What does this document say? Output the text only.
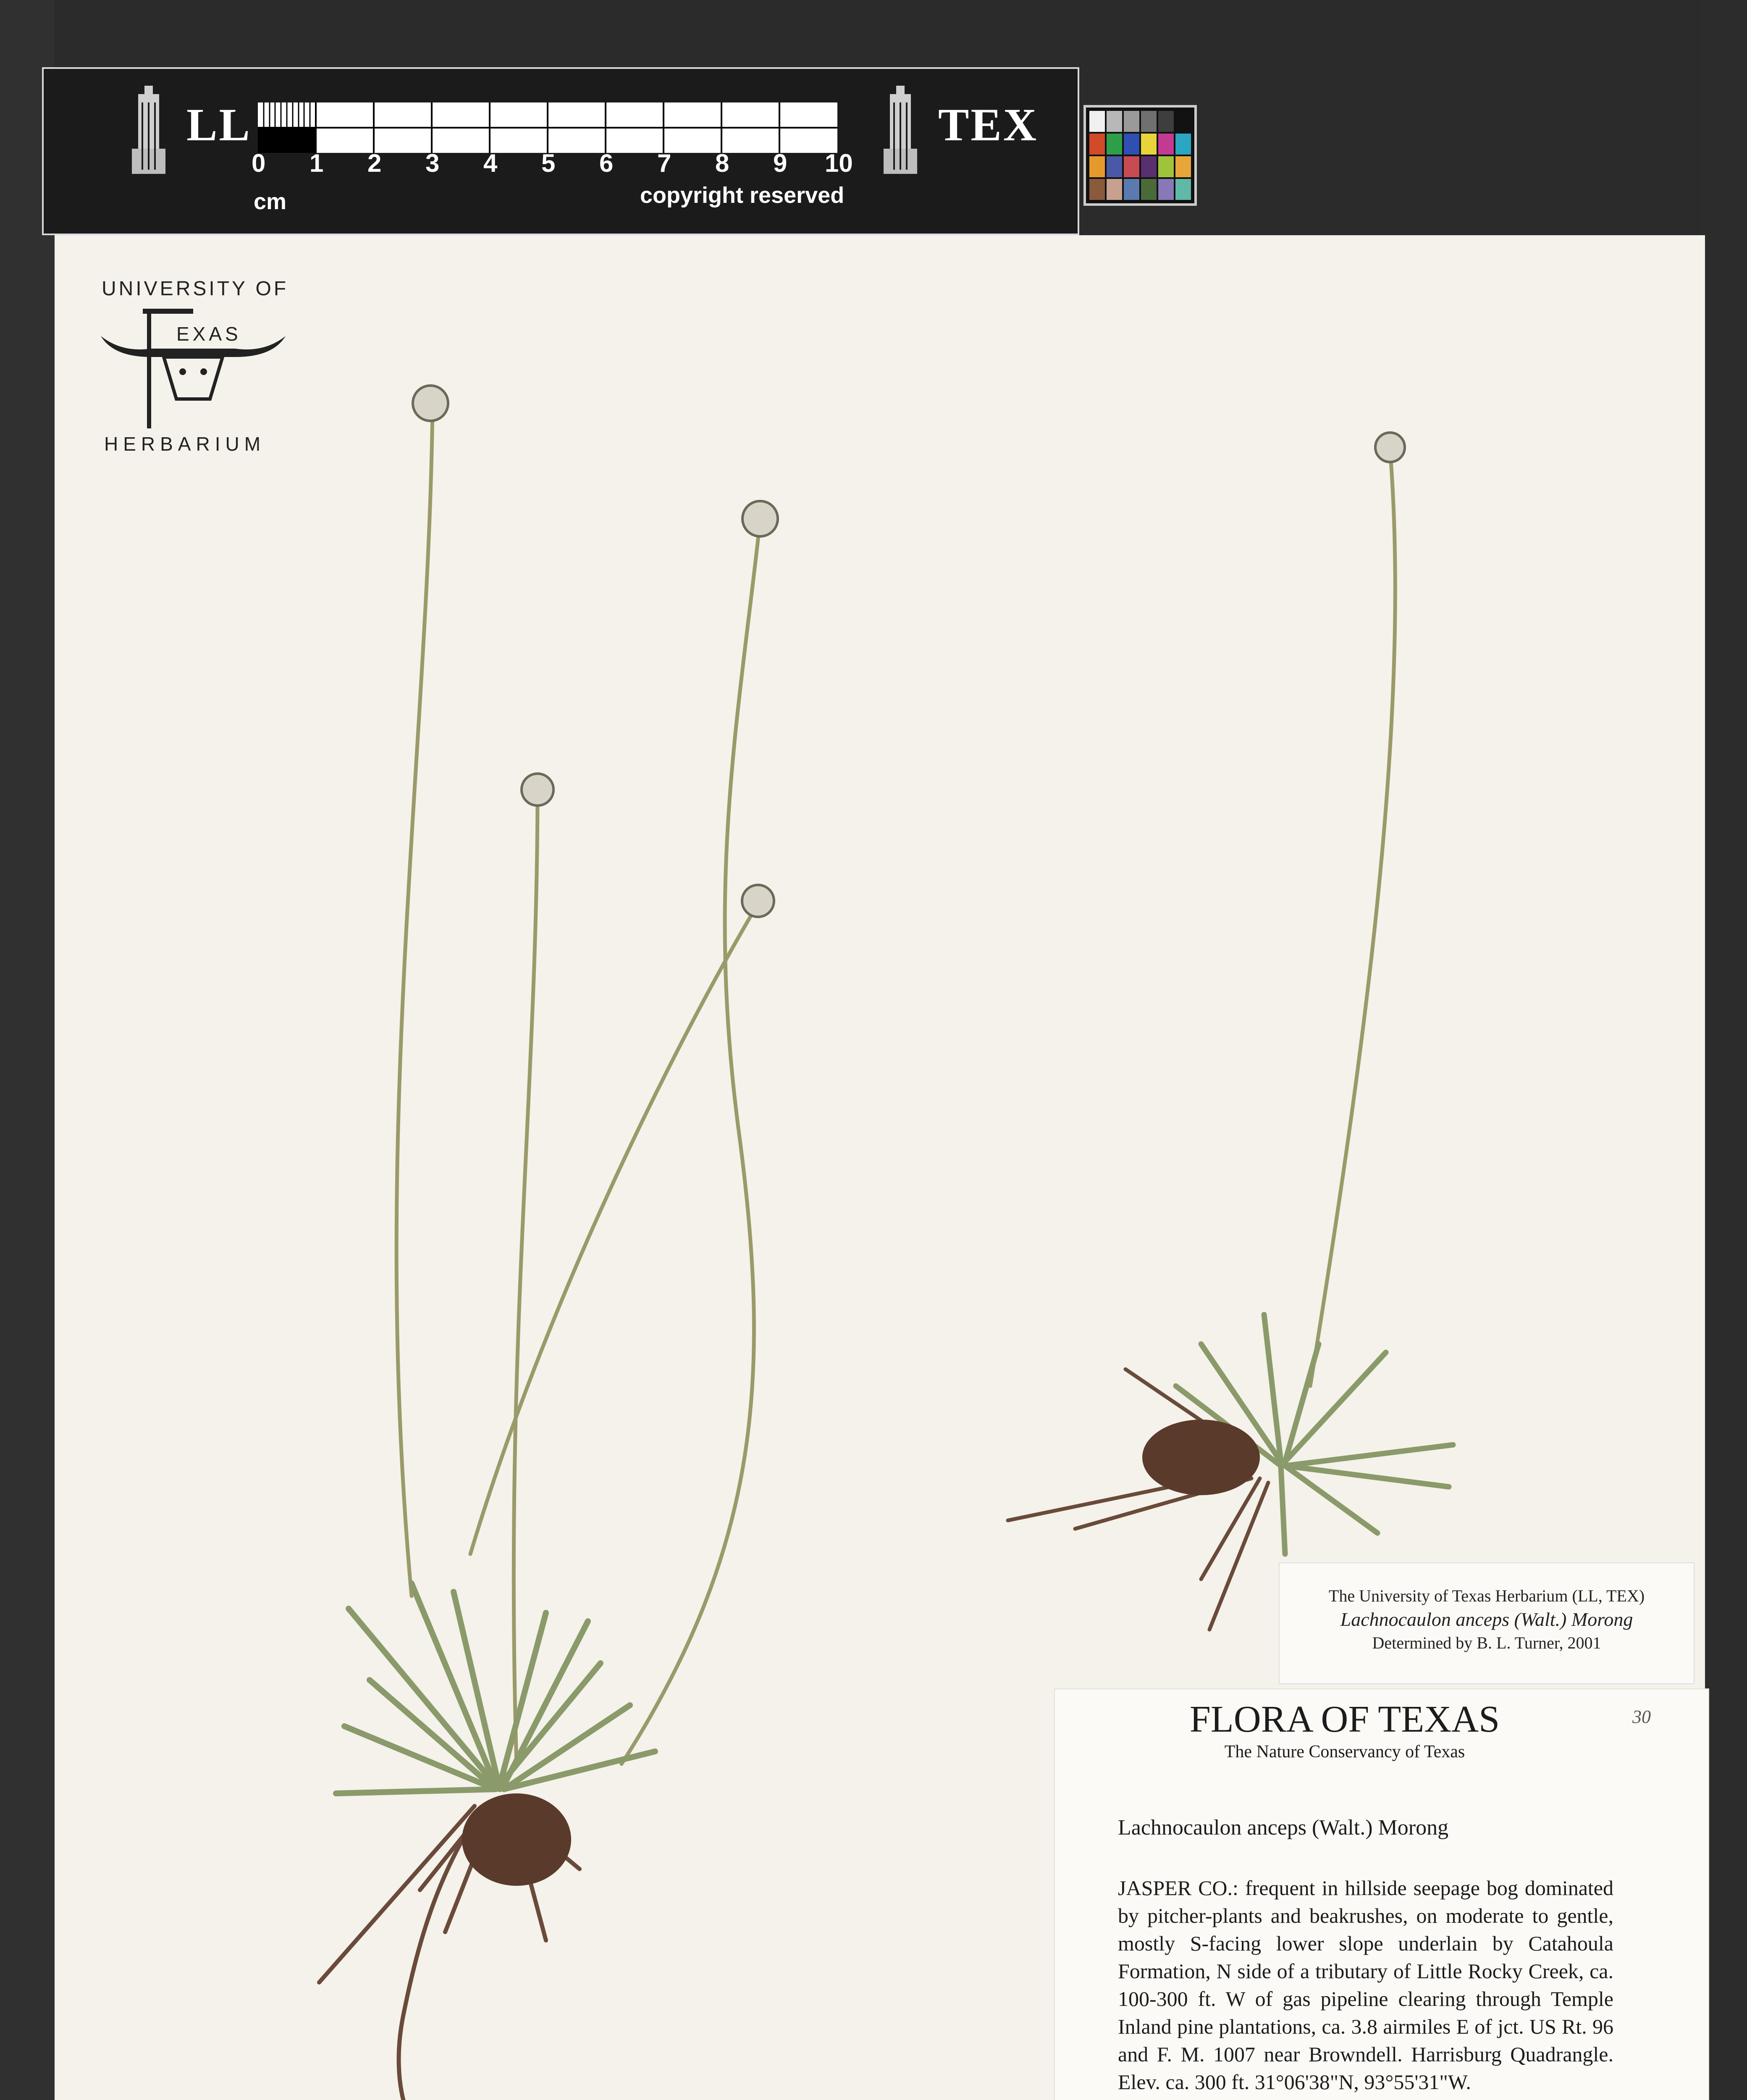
LL
0 1 2 3 4 5 6 7 8 9 10
cm	copyright reserved
TEX
UNIVERSITY OF
EXAS
HERBARIUM
The University of Texas Herbarium (LL, TEX)
Lachnocaulon anceps (Walt.) Morong
Determined by B. L. Turner, 2001
FLORA OF TEXAS
The Nature Conservancy of Texas
30
Lachnocaulon anceps (Walt.) Morong
JASPER CO.: frequent in hillside seepage bog dominated by pitcher-plants and beakrushes, on moderate to gentle, mostly S-facing lower slope underlain by Catahoula Formation, N side of a tributary of Little Rocky Creek, ca. 100-300 ft. W of gas pipeline clearing through Temple Inland pine plantations, ca. 3.8 airmiles E of jct. US Rt. 96 and F. M. 1007 near Browndell. Harrisburg Quadrangle. Elev. ca. 300 ft. 31°06'38"N, 93°55'31"W.
